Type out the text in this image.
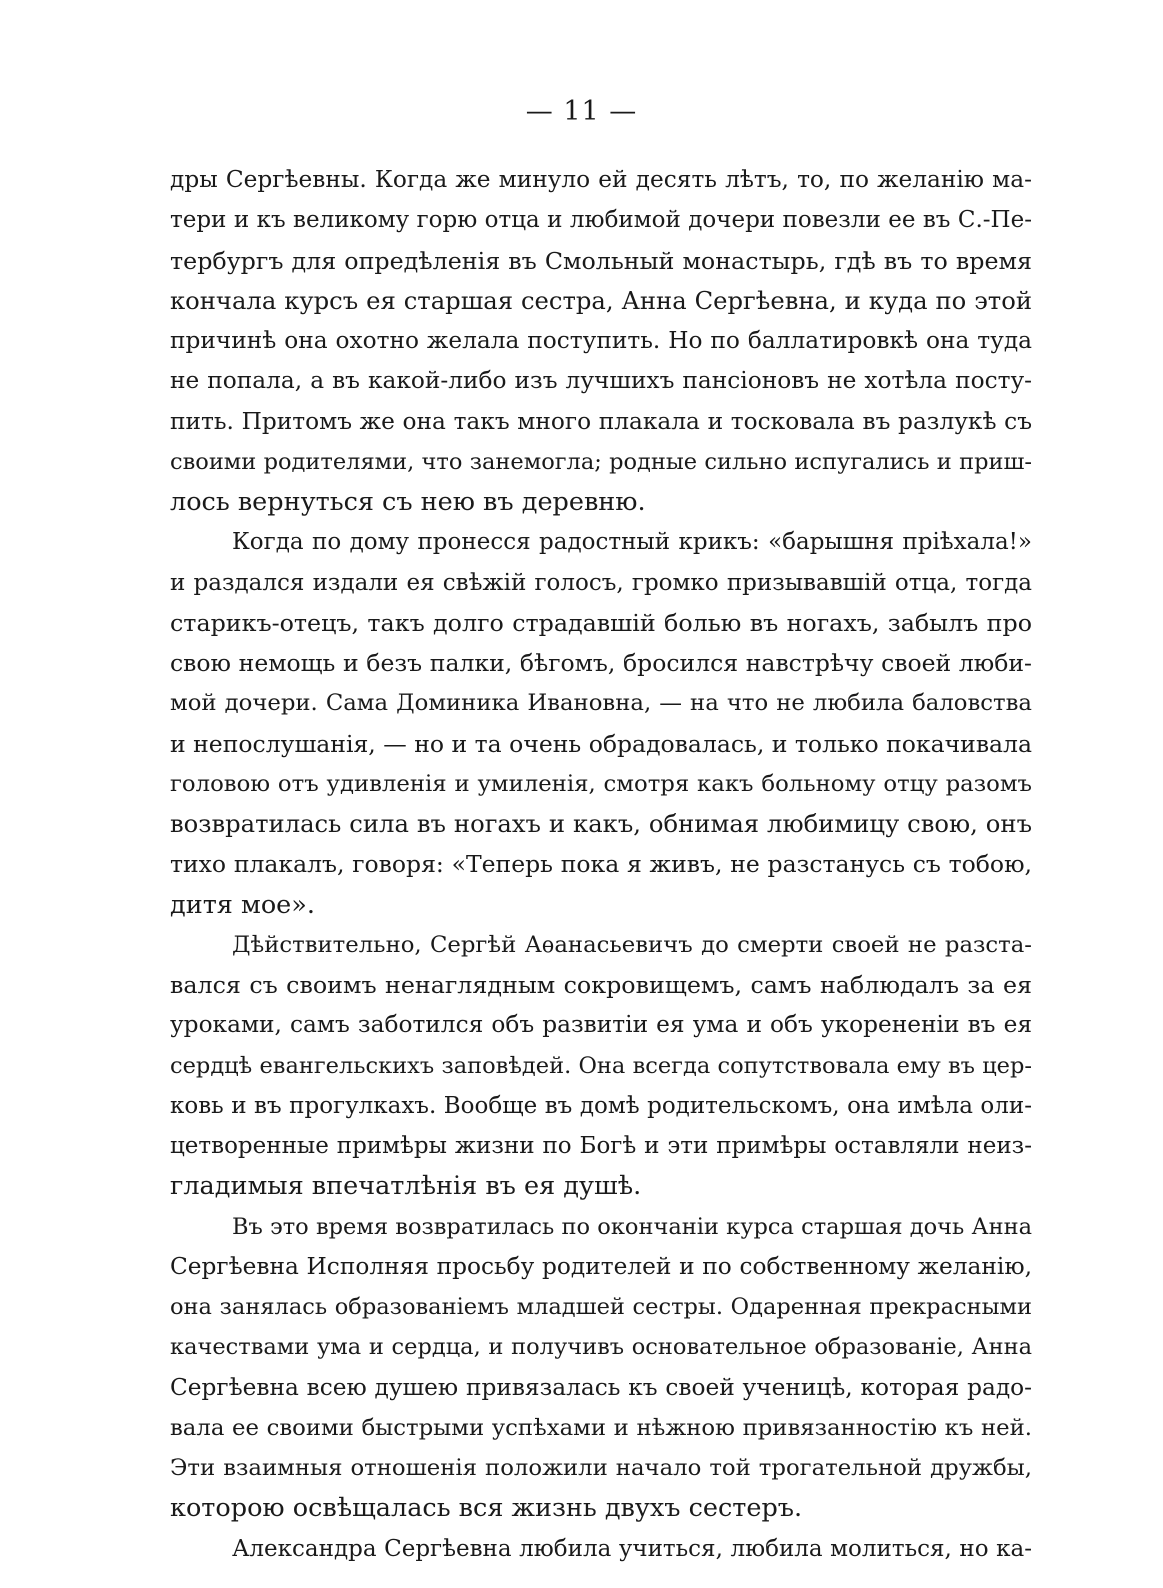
— 11 —
дры Сергѣевны. Когда же минуло ей десять лѣтъ, то, по желанію ма-
тери и къ великому горю отца и любимой дочери повезли ее въ С.-Пе-
тербургъ для опредѣленія въ Смольный монастырь, гдѣ въ то время
кончала курсъ ея старшая сестра, Анна Сергѣевна, и куда по этой
причинѣ она охотно желала поступить. Но по баллатировкѣ она туда
не попала, а въ какой-либо изъ лучшихъ пансіоновъ не хотѣла посту-
пить. Притомъ же она такъ много плакала и тосковала въ разлукѣ съ
своими родителями, что занемогла; родные сильно испугались и приш-
лось вернуться съ нею въ деревню.
Когда по дому пронесся радостный крикъ: «барышня пріѣхала!»
и раздался издали ея свѣжій голосъ, громко призывавшій отца, тогда
старикъ-отецъ, такъ долго страдавшій болью въ ногахъ, забылъ про
свою немощь и безъ палки, бѣгомъ, бросился навстрѣчу своей люби-
мой дочери. Сама Доминика Ивановна, — на что не любила баловства
и непослушанія, — но и та очень обрадовалась, и только покачивала
головою отъ удивленія и умиленія, смотря какъ больному отцу разомъ
возвратилась сила въ ногахъ и какъ, обнимая любимицу свою, онъ
тихо плакалъ, говоря: «Теперь пока я живъ, не разстанусь съ тобою,
дитя мое».
Дѣйствительно, Сергѣй Аѳанасьевичъ до смерти своей не разста-
вался съ своимъ ненаглядным сокровищемъ, самъ наблюдалъ за ея
уроками, самъ заботился объ развитіи ея ума и объ укорененіи въ ея
сердцѣ евангельскихъ заповѣдей. Она всегда сопутствовала ему въ цер-
ковь и въ прогулкахъ. Вообще въ домѣ родительскомъ, она имѣла оли-
цетворенные примѣры жизни по Богѣ и эти примѣры оставляли неиз-
гладимыя впечатлѣнія въ ея душѣ.
Въ это время возвратилась по окончаніи курса старшая дочь Анна
Сергѣевна Исполняя просьбу родителей и по собственному желанію,
она занялась образованіемъ младшей сестры. Одаренная прекрасными
качествами ума и сердца, и получивъ основательное образованіе, Анна
Сергѣевна всею душею привязалась къ своей ученицѣ, которая радо-
вала ее своими быстрыми успѣхами и нѣжною привязанностію къ ней.
Эти взаимныя отношенія положили начало той трогательной дружбы,
которою освѣщалась вся жизнь двухъ сестеръ.
Александра Сергѣевна любила учиться, любила молиться, но ка-
